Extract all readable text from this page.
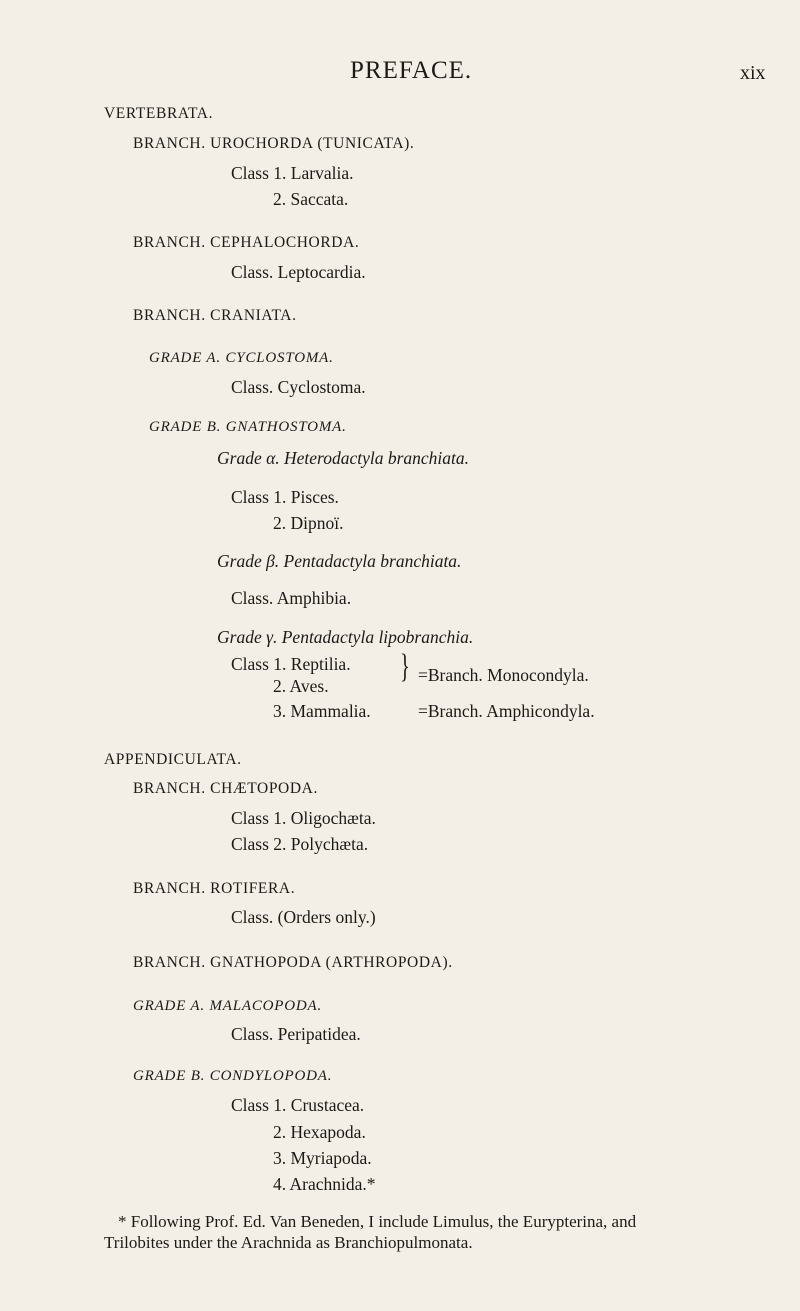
PREFACE.	xix
VERTEBRATA.
BRANCH. UROCHORDA (TUNICATA).
Class 1. Larvalia.
2. Saccata.
BRANCH. CEPHALOCHORDA.
Class. Leptocardia.
BRANCH. CRANIATA.
GRADE A. CYCLOSTOMA.
Class. Cyclostoma.
GRADE B. GNATHOSTOMA.
Grade α. Heterodactyla branchiata.
Class 1. Pisces.
2. Dipnoï.
Grade β. Pentadactyla branchiata.
Class. Amphibia.
Grade γ. Pentadactyla lipobranchia.
Class 1. Reptilia.
2. Aves.
} =Branch. Monocondyla.
3. Mammalia.	=Branch. Amphicondyla.
APPENDICULATA.
BRANCH. CHÆTOPODA.
Class 1. Oligochæta.
Class 2. Polychæta.
BRANCH. ROTIFERA.
Class. (Orders only.)
BRANCH. GNATHOPODA (ARTHROPODA).
GRADE A. MALACOPODA.
Class. Peripatidea.
GRADE B. CONDYLOPODA.
Class 1. Crustacea.
2. Hexapoda.
3. Myriapoda.
4. Arachnida.*
* Following Prof. Ed. Van Beneden, I include Limulus, the Eurypterina, and
Trilobites under the Arachnida as Branchiopulmonata.
